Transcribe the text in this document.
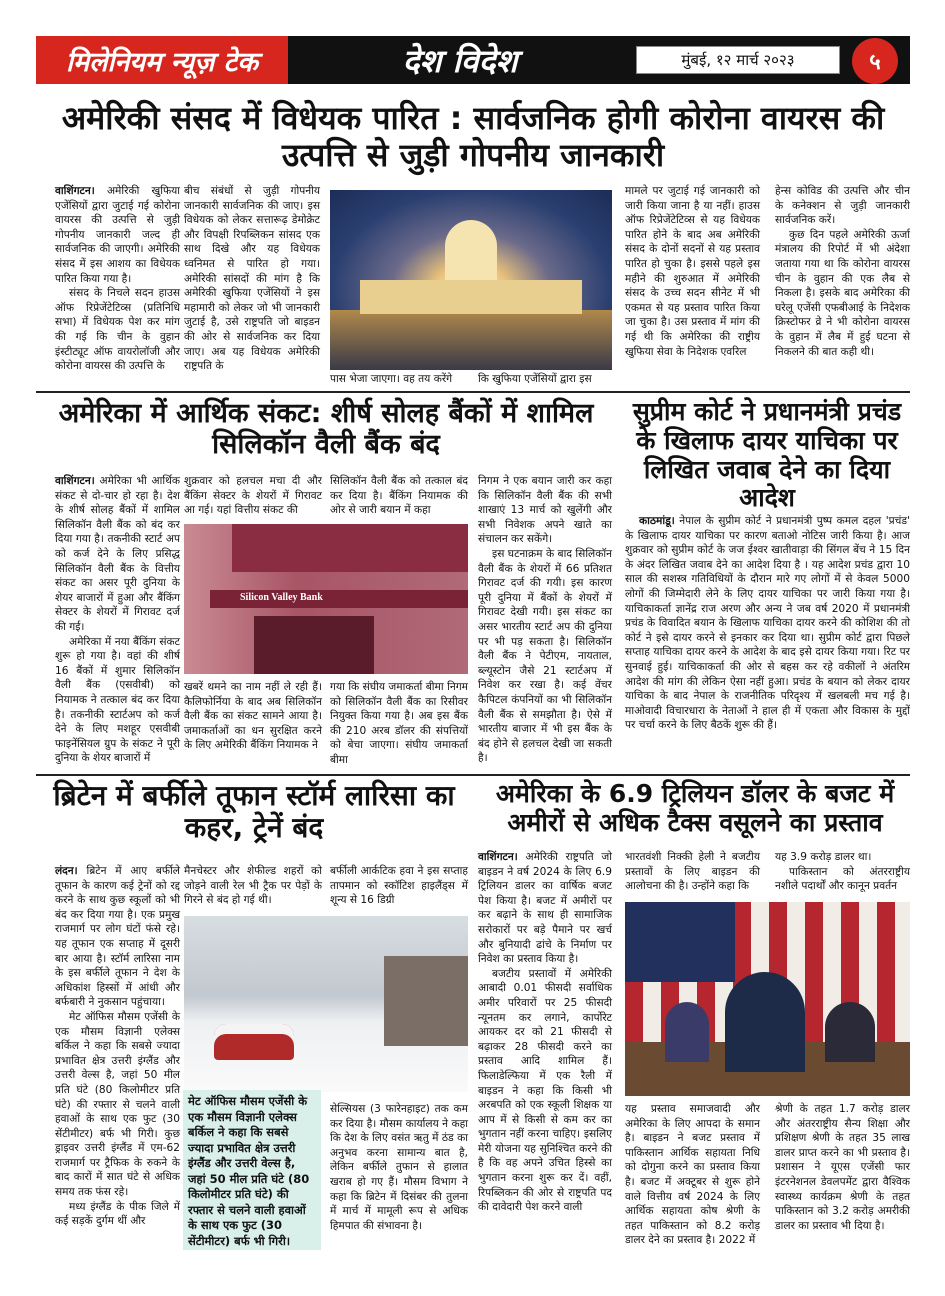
मिलेनियम न्यूज़ टेक	देश विदेश	मुंबई, १२ मार्च २०२३	५
अमेरिकी संसद में विधेयक पारित : सार्वजनिक होगी कोरोना वायरस की उत्पत्ति से जुड़ी गोपनीय जानकारी

वाशिंगटन। अमेरिकी खुफिया एजेंसियों द्वारा जुटाई गई कोरोना वायरस की उत्पत्ति से जुड़ी गोपनीय जानकारी जल्द ही सार्वजनिक की जाएगी। अमेरिकी संसद में इस आशय का विधेयक पारित किया गया है।

संसद के निचले सदन हाउस ऑफ रिप्रेजेंटेटिव्स (प्रतिनिधि सभा) में विधेयक पेश कर मांग की गई कि चीन के वुहान इंस्टीट्यूट ऑफ वायरोलॉजी और कोरोना वायरस की उत्पत्ति के

बीच संबंधों से जुड़ी गोपनीय जानकारी सार्वजनिक की जाए। इस विधेयक को लेकर सत्तारूढ़ डेमोक्रेट और विपक्षी रिपब्लिकन सांसद एक साथ दिखे और यह विधेयक ध्वनिमत से पारित हो गया। अमेरिकी सांसदों की मांग है कि अमेरिकी खुफिया एजेंसियों ने इस महामारी को लेकर जो भी जानकारी जुटाई है, उसे राष्ट्रपति जो बाइडन की ओर से सार्वजनिक कर दिया जाए। अब यह विधेयक अमेरिकी राष्ट्रपति के

पास भेजा जाएगा। वह तय करेंगे	कि खुफिया एजेंसियों द्वारा इस

मामले पर जुटाई गई जानकारी को जारी किया जाना है या नहीं। हाउस ऑफ रिप्रेजेंटेटिव्स से यह विधेयक पारित होने के बाद अब अमेरिकी संसद के दोनों सदनों से यह प्रस्ताव पारित हो चुका है। इससे पहले इस महीने की शुरुआत में अमेरिकी संसद के उच्च सदन सीनेट में भी एकमत से यह प्रस्ताव पारित किया जा चुका है। उस प्रस्ताव में मांग की गई थी कि अमेरिका की राष्ट्रीय खुफिया सेवा के निदेशक एवरिल

हेन्स कोविड की उत्पत्ति और चीन के कनेक्शन से जुड़ी जानकारी सार्वजनिक करें।

कुछ दिन पहले अमेरिकी ऊर्जा मंत्रालय की रिपोर्ट में भी अंदेशा जताया गया था कि कोरोना वायरस चीन के वुहान की एक लैब से निकला है। इसके बाद अमेरिका की घरेलू एजेंसी एफबीआई के निदेशक क्रिस्टोफर व्रे ने भी कोरोना वायरस के वुहान में लैब में हुई घटना से निकलने की बात कही थी।

अमेरिका में आर्थिक संकट: शीर्ष सोलह बैंकों में शामिल सिलिकॉन वैली बैंक बंद

वाशिंगटन। अमेरिका भी आर्थिक संकट से दो-चार हो रहा है। देश के शीर्ष सोलह बैंकों में शामिल सिलिकॉन वैली बैंक को बंद कर दिया गया है। तकनीकी स्टार्ट अप को कर्ज देने के लिए प्रसिद्ध सिलिकॉन वैली बैंक के वित्तीय संकट का असर पूरी दुनिया के शेयर बाजारों में हुआ और बैंकिंग सेक्टर के शेयरों में गिरावट दर्ज की गई।

अमेरिका में नया बैंकिंग संकट शुरू हो गया है। वहां की शीर्ष 16 बैंकों में शुमार सिलिकॉन वैली बैंक (एसवीबी) को नियामक ने तत्काल बंद कर दिया है। तकनीकी स्टार्टअप को कर्ज देने के लिए मशहूर एसवीबी फाइनेंसियल ग्रुप के संकट ने पूरी दुनिया के शेयर बाजारों में

शुक्रवार को हलचल मचा दी और बैंकिंग सेक्टर के शेयरों में गिरावट आ गई। यहां वित्तीय संकट की

सिलिकॉन वैली बैंक को तत्काल बंद कर दिया है। बैंकिंग नियामक की ओर से जारी बयान में कहा

Silicon Valley Bank

खबरें थमने का नाम नहीं ले रही हैं। कैलिफोर्निया के बाद अब सिलिकॉन वैली बैंक का संकट सामने आया है। जमाकर्ताओं का धन सुरक्षित करने के लिए अमेरिकी बैंकिंग नियामक ने

गया कि संघीय जमाकर्ता बीमा निगम को सिलिकॉन वैली बैंक का रिसीवर नियुक्त किया गया है। अब इस बैंक की 210 अरब डॉलर की संपत्तियों को बेचा जाएगा। संघीय जमाकर्ता बीमा

निगम ने एक बयान जारी कर कहा कि सिलिकॉन वैली बैंक की सभी शाखाएं 13 मार्च को खुलेंगी और सभी निवेशक अपने खाते का संचालन कर सकेंगे।

इस घटनाक्रम के बाद सिलिकॉन वैली बैंक के शेयरों में 66 प्रतिशत गिरावट दर्ज की गयी। इस कारण पूरी दुनिया में बैंकों के शेयरों में गिरावट देखी गयी। इस संकट का असर भारतीय स्टार्ट अप की दुनिया पर भी पड़ सकता है। सिलिकॉन वैली बैंक ने पेटीएम, नायताल, ब्ल्यूस्टोन जैसे 21 स्टार्टअप में निवेश कर रखा है। कई वेंचर कैपिटल कंपनियों का भी सिलिकॉन वैली बैंक से समझौता है। ऐसे में भारतीय बाजार में भी इस बैंक के बंद होने से हलचल देखी जा सकती है।

सुप्रीम कोर्ट ने प्रधानमंत्री प्रचंड के खिलाफ दायर याचिका पर लिखित जवाब देने का दिया आदेश

काठमांडू। नेपाल के सुप्रीम कोर्ट ने प्रधानमंत्री पुष्प कमल दहल 'प्रचंड' के खिलाफ दायर याचिका पर कारण बताओ नोटिस जारी किया है। आज शुक्रवार को सुप्रीम कोर्ट के जज ईश्वर खातीवाड़ा की सिंगल बेंच ने 15 दिन के अंदर लिखित जवाब देने का आदेश दिया है । यह आदेश प्रचंड द्वारा 10 साल की सशस्त्र गतिविधियों के दौरान मारे गए लोगों में से केवल 5000 लोगों की जिम्मेदारी लेने के लिए दायर याचिका पर जारी किया गया है। याचिकाकर्ता ज्ञानेंद्र राज अरण और अन्य ने जब वर्ष 2020 में प्रधानमंत्री प्रचंड के विवादित बयान के खिलाफ याचिका दायर करने की कोशिश की तो कोर्ट ने इसे दायर करने से इनकार कर दिया था। सुप्रीम कोर्ट द्वारा पिछले सप्ताह याचिका दायर करने के आदेश के बाद इसे दायर किया गया। रिट पर सुनवाई हुई। याचिकाकर्ता की ओर से बहस कर रहे वकीलों ने अंतरिम आदेश की मांग की लेकिन ऐसा नहीं हुआ। प्रचंड के बयान को लेकर दायर याचिका के बाद नेपाल के राजनीतिक परिदृश्य में खलबली मच गई है। माओवादी विचारधारा के नेताओं ने हाल ही में एकता और विकास के मुद्दों पर चर्चा करने के लिए बैठकें शुरू की हैं।

ब्रिटेन में बर्फीले तूफान स्टॉर्म लारिसा का कहर, ट्रेनें बंद

लंदन। ब्रिटेन में आए बर्फीले तूफान के कारण कई ट्रेनों को रद्द करने के साथ कुछ स्कूलों को भी बंद कर दिया गया है। एक प्रमुख राजमार्ग पर लोग घंटों फंसे रहे। यह तूफान एक सप्ताह में दूसरी बार आया है। स्टॉर्म लारिसा नाम के इस बर्फीले तूफान ने देश के अधिकांश हिस्सों में आंधी और बर्फबारी ने नुकसान पहुंचाया।

मेट ऑफिस मौसम एजेंसी के एक मौसम विज्ञानी एलेक्स बर्किल ने कहा कि सबसे ज्यादा प्रभावित क्षेत्र उत्तरी इंग्लैंड और उत्तरी वेल्स है, जहां 50 मील प्रति घंटे (80 किलोमीटर प्रति घंटे) की रफ्तार से चलने वाली हवाओं के साथ एक फुट (30 सेंटीमीटर) बर्फ भी गिरी। कुछ ड्राइवर उत्तरी इंग्लैंड में एम-62 राजमार्ग पर ट्रैफिक के रुकने के बाद कारों में सात घंटे से अधिक समय तक फंस रहे।

मध्य इंग्लैंड के पीक जिले में कई सड़कें दुर्गम थीं और

मैनचेस्टर और शेफील्ड शहरों को जोड़ने वाली रेल भी ट्रैक पर पेड़ों के गिरने से बंद हो गई थी।

बर्फीली आर्कटिक हवा ने इस सप्ताह तापमान को स्कॉटिश हाइलैंड्स में शून्य से 16 डिग्री

मेट ऑफिस मौसम एजेंसी के एक मौसम विज्ञानी एलेक्स बर्किल ने कहा कि सबसे ज्यादा प्रभावित क्षेत्र उत्तरी इंग्लैंड और उत्तरी वेल्स है, जहां 50 मील प्रति घंटे (80 किलोमीटर प्रति घंटे) की रफ्तार से चलने वाली हवाओं के साथ एक फुट (30 सेंटीमीटर) बर्फ भी गिरी।

सेल्सियस (3 फारेनहाइट) तक कम कर दिया है। मौसम कार्यालय ने कहा कि देश के लिए वसंत ऋतु में ठंड का अनुभव करना सामान्य बात है, लेकिन बर्फीले तुफान से हालात खराब हो गए हैं। मौसम विभाग ने कहा कि ब्रिटेन में दिसंबर की तुलना में मार्च में मामूली रूप से अधिक हिमपात की संभावना है।

अमेरिका के 6.9 ट्रिलियन डॉलर के बजट में अमीरों से अधिक टैक्स वसूलने का प्रस्ताव

वाशिंगटन। अमेरिकी राष्ट्रपति जो बाइडन ने वर्ष 2024 के लिए 6.9 ट्रिलियन डालर का वार्षिक बजट पेश किया है। बजट में अमीरों पर कर बढ़ाने के साथ ही सामाजिक सरोकारों पर बड़े पैमाने पर खर्च और बुनियादी ढांचे के निर्माण पर निवेश का प्रस्ताव किया है।

बजटीय प्रस्तावों में अमेरिकी आबादी 0.01 फीसदी सर्वाधिक अमीर परिवारों पर 25 फीसदी न्यूनतम कर लगाने, कार्पोरेट आयकर दर को 21 फीसदी से बढ़ाकर 28 फीसदी करने का प्रस्ताव आदि शामिल हैं। फिलाडेल्फिया में एक रैली में बाइडन ने कहा कि किसी भी अरबपति को एक स्कूली शिक्षक या आप में से किसी से कम कर का भुगतान नहीं करना चाहिए। इसलिए मेरी योजना यह सुनिश्चित करने की है कि वह अपने उचित हिस्से का भुगतान करना शुरू कर दें। वहीं, रिपब्लिकन की ओर से राष्ट्रपति पद की दावेदारी पेश करने वाली

भारतवंशी निक्की हेली ने बजटीय प्रस्तावों के लिए बाइडन की आलोचना की है। उन्होंने कहा कि

यह 3.9 करोड़ डालर था।

पाकिस्तान को अंतरराष्ट्रीय नशीले पदार्थों और कानून प्रवर्तन

यह प्रस्ताव समाजवादी और अमेरिका के लिए आपदा के समान है। बाइडन ने बजट प्रस्ताव में पाकिस्तान आर्थिक सहायता निधि को दोगुना करने का प्रस्ताव किया है। बजट में अक्टूबर से शुरू होने वाले वित्तीय वर्ष 2024 के लिए आर्थिक सहायता कोष श्रेणी के तहत पाकिस्तान को 8.2 करोड़ डालर देने का प्रस्ताव है। 2022 में

श्रेणी के तहत 1.7 करोड़ डालर और अंतरराष्ट्रीय सैन्य शिक्षा और प्रशिक्षण श्रेणी के तहत 35 लाख डालर प्राप्त करने का भी प्रस्ताव है। प्रशासन ने यूएस एजेंसी फार इंटरनेशनल डेवलपमेंट द्वारा वैश्विक स्वास्थ्य कार्यक्रम श्रेणी के तहत पाकिस्तान को 3.2 करोड़ अमरीकी डालर का प्रस्ताव भी दिया है।
